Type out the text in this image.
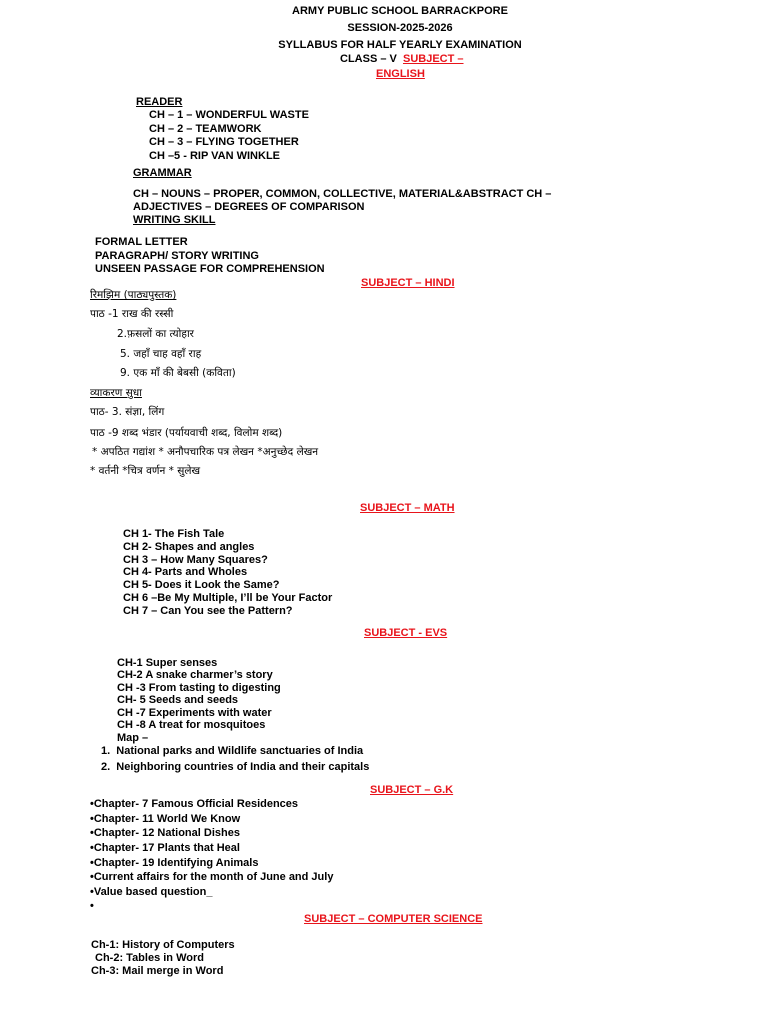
ARMY PUBLIC SCHOOL BARRACKPORE
SESSION-2025-2026
SYLLABUS FOR HALF YEARLY EXAMINATION
CLASS – V SUBJECT –
ENGLISH
READER
CH – 1 – WONDERFUL WASTE
CH – 2 – TEAMWORK
CH – 3 – FLYING TOGETHER
CH –5 - RIP VAN WINKLE
GRAMMAR
CH – NOUNS – PROPER, COMMON, COLLECTIVE, MATERIAL&ABSTRACT CH –
ADJECTIVES – DEGREES OF COMPARISON
WRITING SKILL
FORMAL LETTER
PARAGRAPH/ STORY WRITING
UNSEEN PASSAGE FOR COMPREHENSION
SUBJECT – HINDI
रिमझिम (पाठ्यपुस्तक)
पाठ -1 राख की रस्सी
2.फ़सलों का त्योहार
5. जहाँ चाह वहाँ राह
9. एक माँ की बेबसी (कविता)
व्याकरण सुधा
पाठ- 3. संज्ञा, लिंग
पाठ -9 शब्द भंडार (पर्यायवाची शब्द, विलोम शब्द)
* अपठित गद्यांश * अनौपचारिक पत्र लेखन *अनुच्छेद लेखन
* वर्तनी *चित्र वर्णन * सुलेख
SUBJECT – MATH
CH 1- The Fish Tale
CH 2- Shapes and angles
CH 3 – How Many Squares?
CH 4- Parts and Wholes
CH 5- Does it Look the Same?
CH 6 –Be My Multiple, I’ll be Your Factor
CH 7 – Can You see the Pattern?
SUBJECT - EVS
CH-1 Super senses
CH-2 A snake charmer’s story
CH -3 From tasting to digesting
CH- 5 Seeds and seeds
CH -7 Experiments with water
CH -8 A treat for mosquitoes
Map –
1.  National parks and Wildlife sanctuaries of India
2.  Neighboring countries of India and their capitals
SUBJECT – G.K
•Chapter- 7 Famous Official Residences
•Chapter- 11 World We Know
•Chapter- 12 National Dishes
•Chapter- 17 Plants that Heal
•Chapter- 19 Identifying Animals
•Current affairs for the month of June and July
•Value based question_
•
SUBJECT – COMPUTER SCIENCE
Ch-1: History of Computers
Ch-2: Tables in Word
Ch-3: Mail merge in Word
